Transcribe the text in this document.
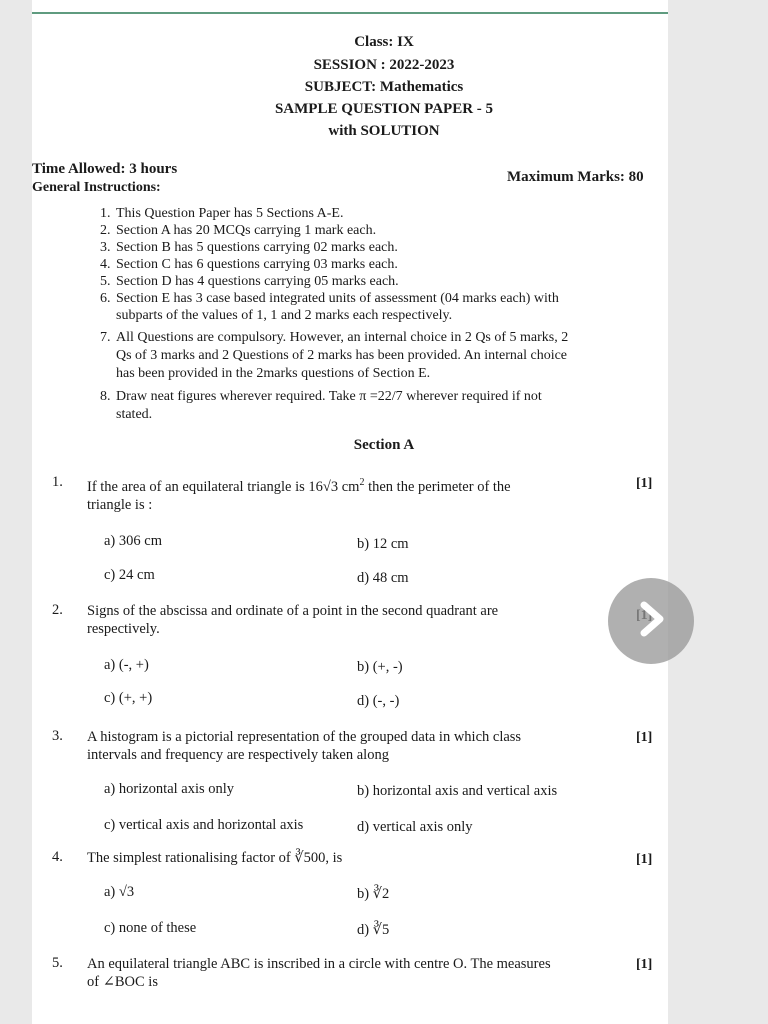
Class: IX
SESSION : 2022-2023
SUBJECT: Mathematics
SAMPLE QUESTION PAPER - 5
with SOLUTION
Time Allowed: 3 hours	Maximum Marks: 80
General Instructions:
1. This Question Paper has 5 Sections A-E.
2. Section A has 20 MCQs carrying 1 mark each.
3. Section B has 5 questions carrying 02 marks each.
4. Section C has 6 questions carrying 03 marks each.
5. Section D has 4 questions carrying 05 marks each.
6. Section E has 3 case based integrated units of assessment (04 marks each) with
subparts of the values of 1, 1 and 2 marks each respectively.
7. All Questions are compulsory. However, an internal choice in 2 Qs of 5 marks, 2
Qs of 3 marks and 2 Questions of 2 marks has been provided. An internal choice
has been provided in the 2marks questions of Section E.
8. Draw neat figures wherever required. Take π =22/7 wherever required if not
stated.
Section A
1. If the area of an equilateral triangle is 16√3 $cm^2$ then the perimeter of the
triangle is :
[1]
a) 306 cm	b) 12 cm
c) 24 cm	d) 48 cm
2. Signs of the abscissa and ordinate of a point in the second quadrant are
respectively.
a) (-, +)	b) (+, -)
c) (+, +)	d) (-, -)
3. A histogram is a pictorial representation of the grouped data in which class
intervals and frequency are respectively taken along
[1]
a) horizontal axis only	b) horizontal axis and vertical axis
c) vertical axis and horizontal axis	d) vertical axis only
4. The simplest rationalising factor of ∛500, is	[1]
a) √3	b) ∛2
c) none of these	d) ∛5
5. An equilateral triangle ABC is inscribed in a circle with centre O. The measures
of ∠BOC is
[1]
